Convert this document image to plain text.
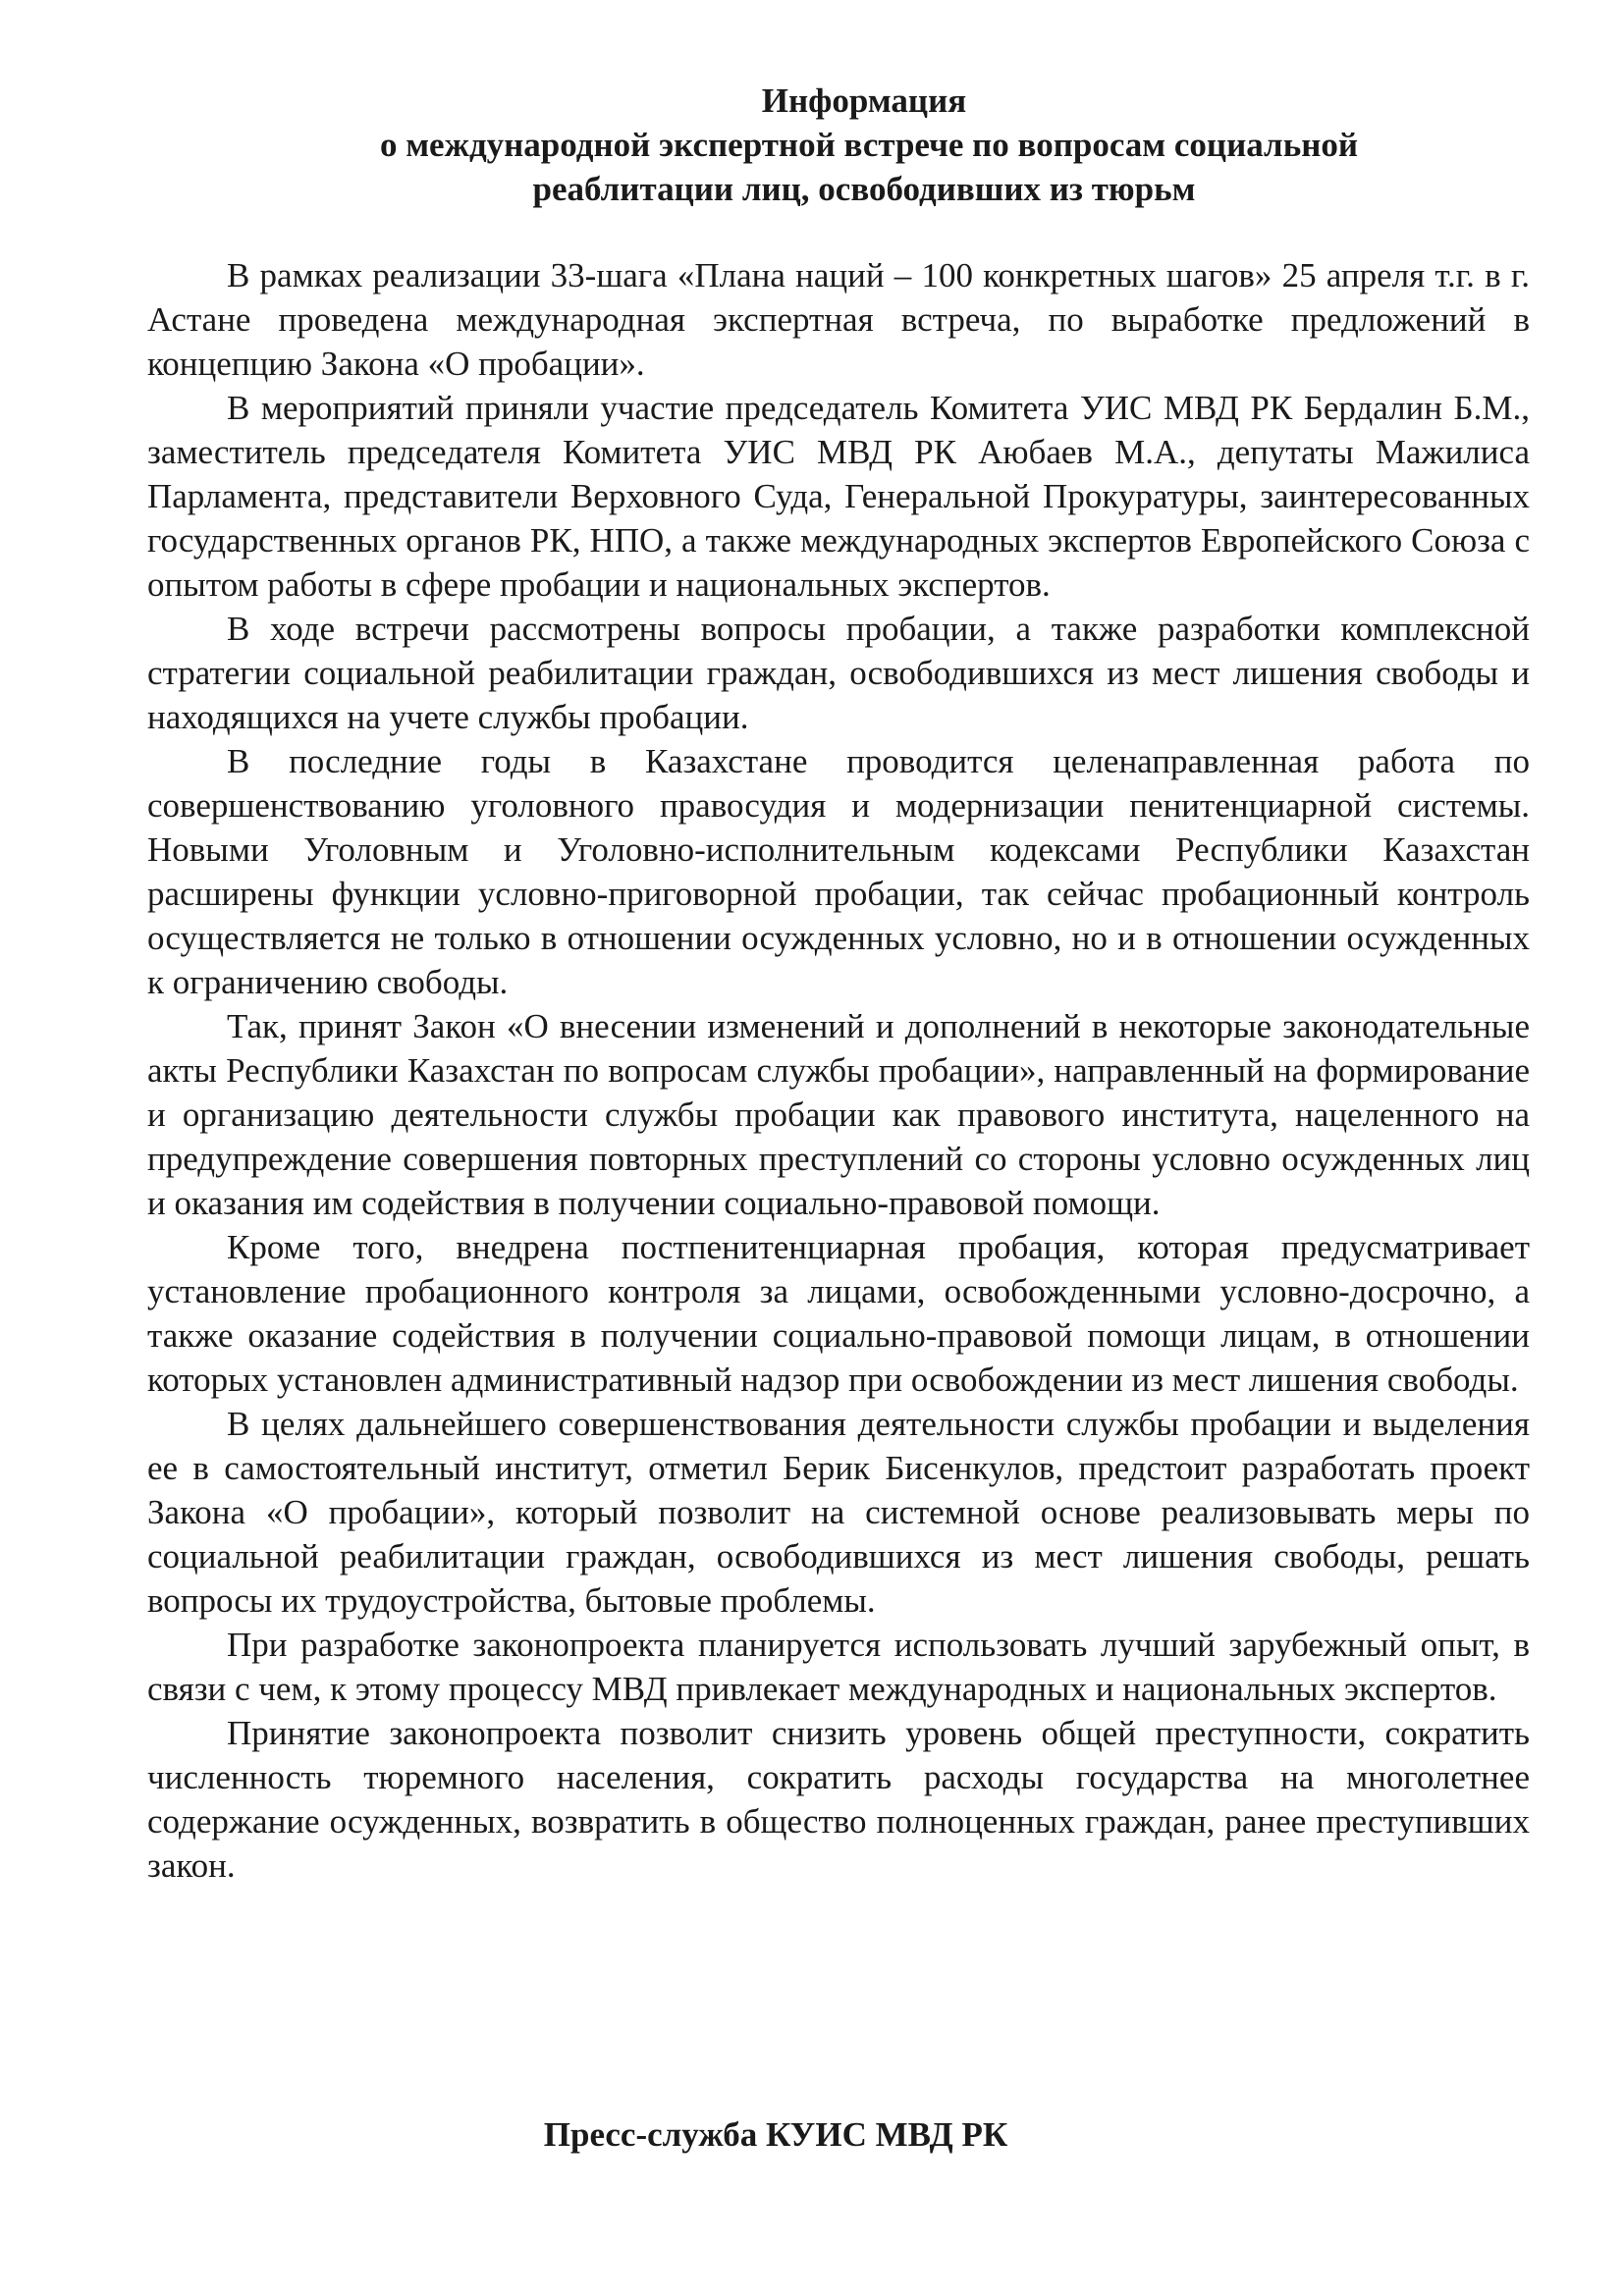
Информация
о международной экспертной встрече по вопросам социальной
реаблитации лиц, освободивших из тюрьм

В рамках реализации 33-шага «Плана наций – 100 конкретных шагов» 25 апреля т.г. в г. Астане проведена международная экспертная встреча, по выработке предложений в концепцию Закона «О пробации».

В мероприятий приняли участие председатель Комитета УИС МВД РК Бердалин Б.М., заместитель председателя Комитета УИС МВД РК Аюбаев М.А., депутаты Мажилиса Парламента, представители Верховного Суда, Генеральной Прокуратуры, заинтересованных государственных органов РК, НПО, а также международных экспертов Европейского Союза с опытом работы в сфере пробации и национальных экспертов.

В ходе встречи рассмотрены вопросы пробации, а также разработки комплексной стратегии социальной реабилитации граждан, освободившихся из мест лишения свободы и находящихся на учете службы пробации.

В последние годы в Казахстане проводится целенаправленная работа по совершенствованию уголовного правосудия и модернизации пенитенциарной системы. Новыми Уголовным и Уголовно-исполнительным кодексами Республики Казахстан расширены функции условно-приговорной пробации, так сейчас пробационный контроль осуществляется не только в отношении осужденных условно, но и в отношении осужденных к ограничению свободы.

Так, принят Закон «О внесении изменений и дополнений в некоторые законодательные акты Республики Казахстан по вопросам службы пробации», направленный на формирование и организацию деятельности службы пробации как правового института, нацеленного на предупреждение совершения повторных преступлений со стороны условно осужденных лиц и оказания им содействия в получении социально-правовой помощи.

Кроме того, внедрена постпенитенциарная пробация, которая предусматривает установление пробационного контроля за лицами, освобожденными условно-досрочно, а также оказание содействия в получении социально-правовой помощи лицам, в отношении которых установлен административный надзор при освобождении из мест лишения свободы.

В целях дальнейшего совершенствования деятельности службы пробации и выделения ее в самостоятельный институт, отметил Берик Бисенкулов, предстоит разработать проект Закона «О пробации», который позволит на системной основе реализовывать меры по социальной реабилитации граждан, освободившихся из мест лишения свободы, решать вопросы их трудоустройства, бытовые проблемы.

При разработке законопроекта планируется использовать лучший зарубежный опыт, в связи с чем, к этому процессу МВД привлекает международных и национальных экспертов.

Принятие законопроекта позволит снизить уровень общей преступности, сократить численность тюремного населения, сократить расходы государства на многолетнее содержание осужденных, возвратить в общество полноценных граждан, ранее преступивших закон.

Пресс-служба КУИС МВД РК
